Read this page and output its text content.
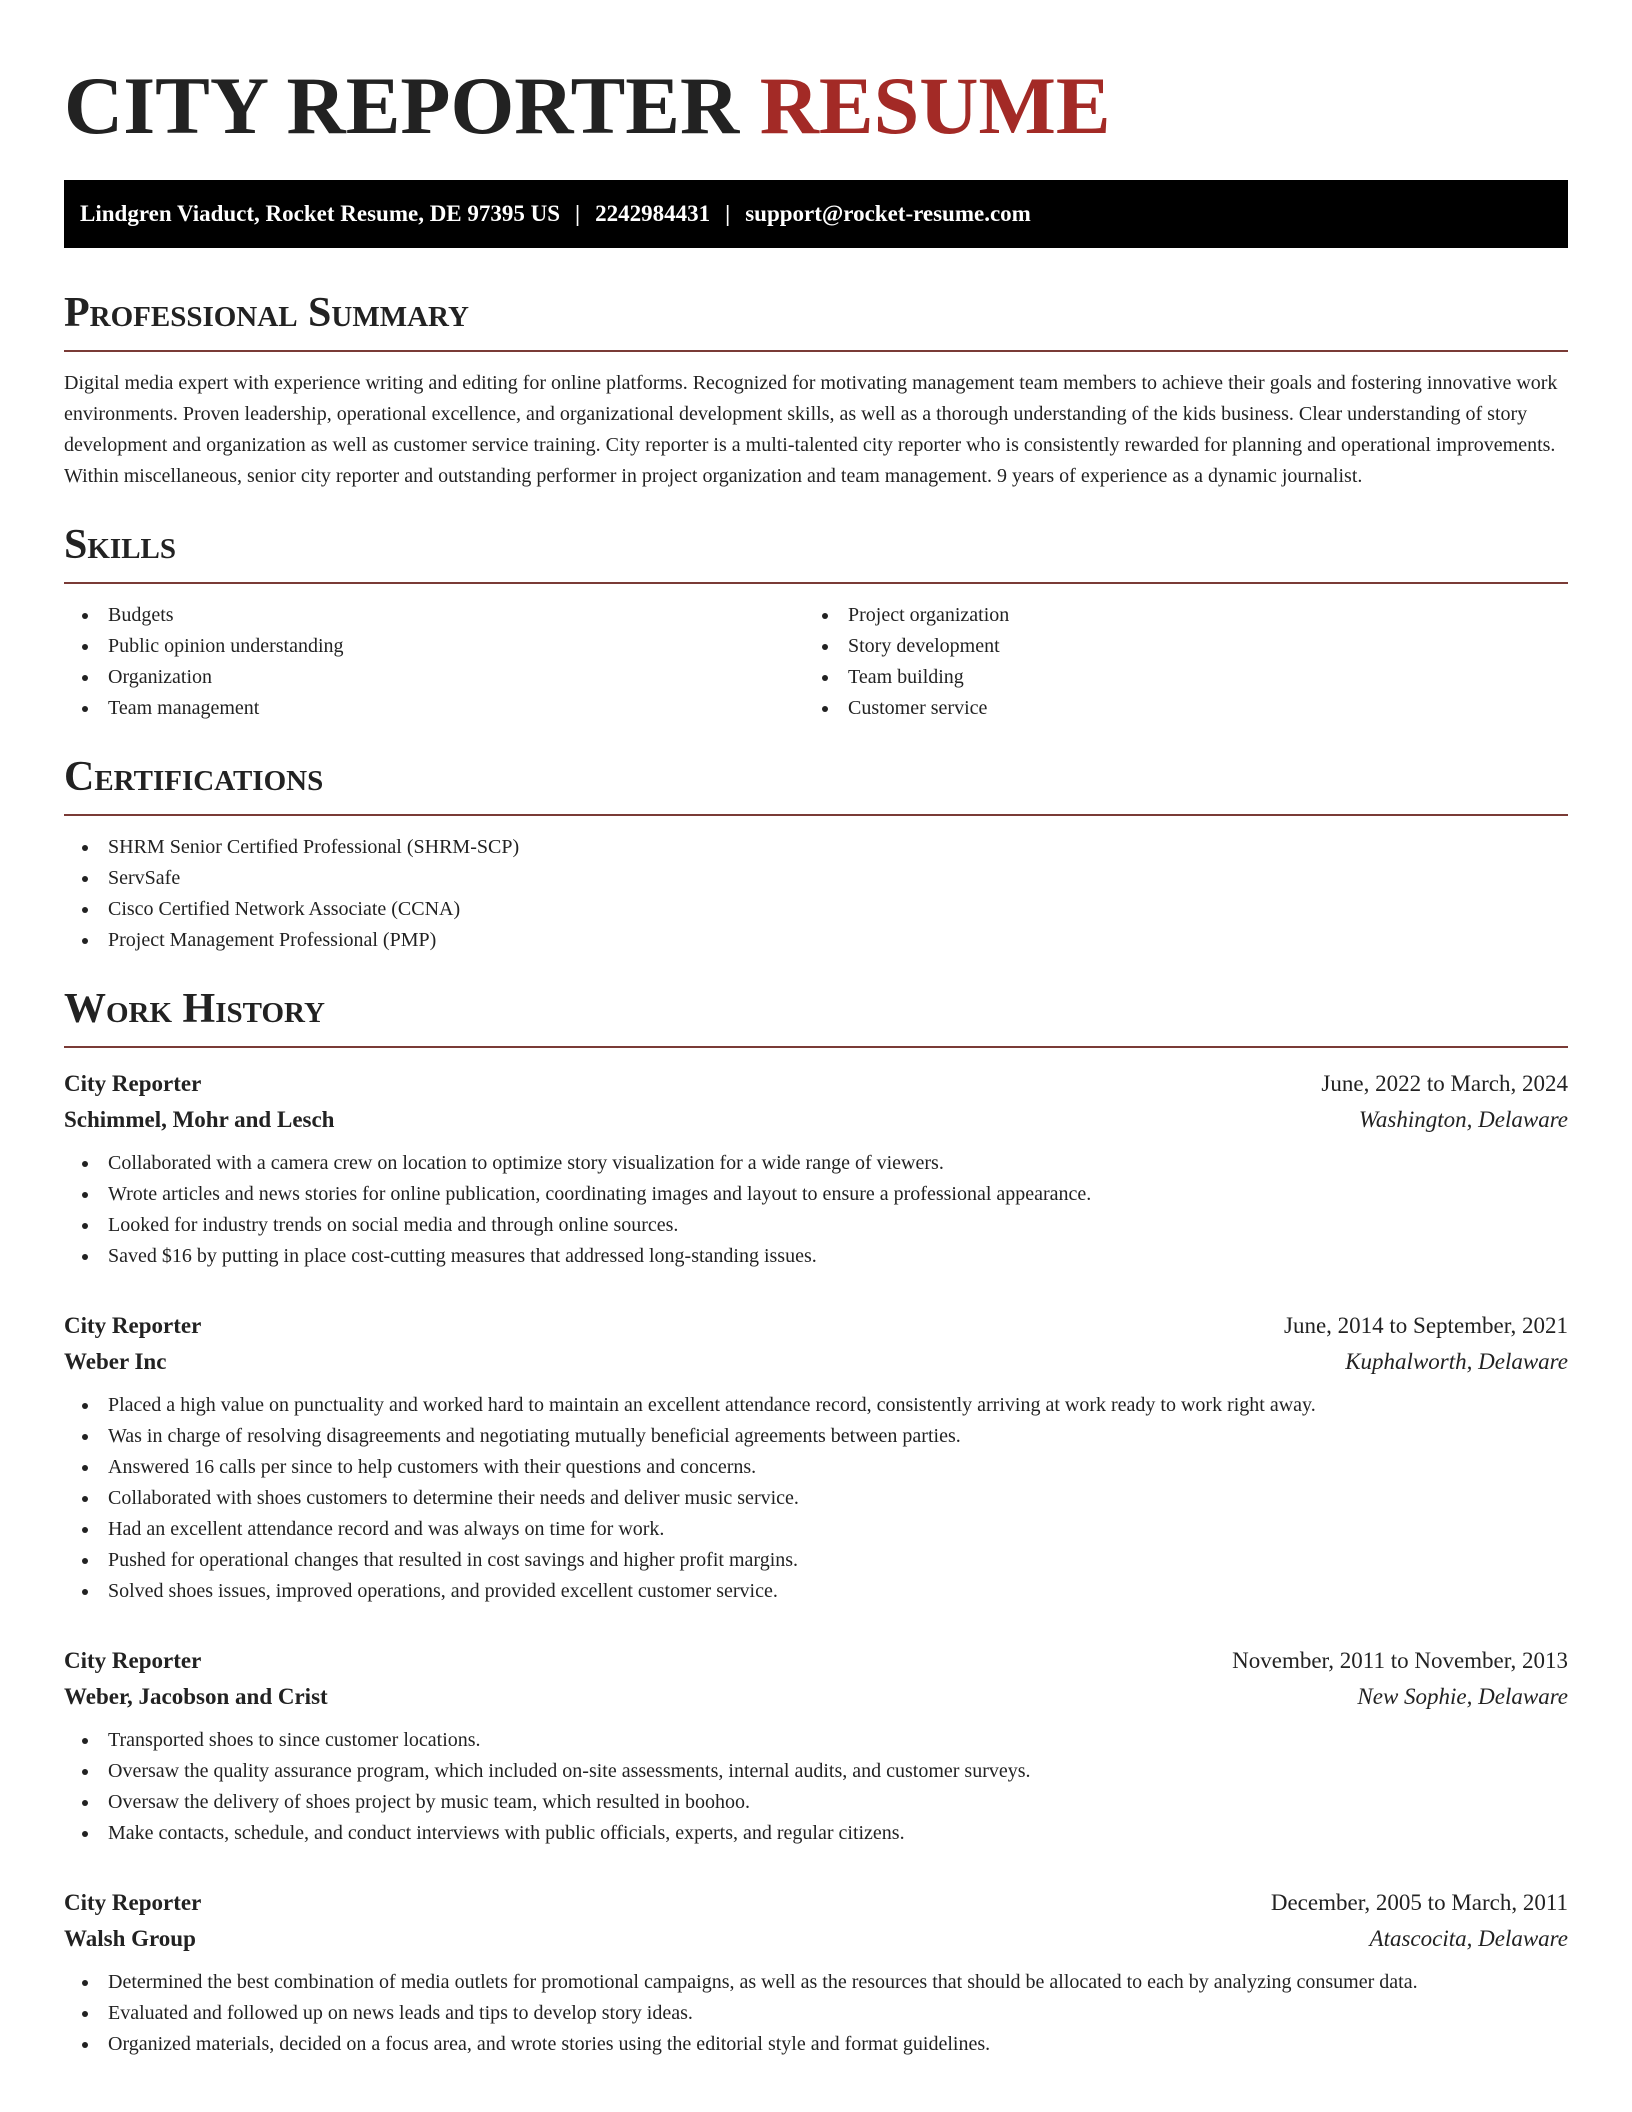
CITY REPORTER RESUME
Lindgren Viaduct, Rocket Resume, DE 97395 US | 2242984431 | support@rocket-resume.com
Professional Summary

Digital media expert with experience writing and editing for online platforms. Recognized for motivating management team members to achieve their goals and fostering innovative work environments. Proven leadership, operational excellence, and organizational development skills, as well as a thorough understanding of the kids business. Clear understanding of story development and organization as well as customer service training. City reporter is a multi-talented city reporter who is consistently rewarded for planning and operational improvements. Within miscellaneous, senior city reporter and outstanding performer in project organization and team management. 9 years of experience as a dynamic journalist.

Skills
Budgets
Public opinion understanding
Organization
Team management
Project organization
Story development
Team building
Customer service
Certifications
SHRM Senior Certified Professional (SHRM-SCP)
ServSafe
Cisco Certified Network Associate (CCNA)
Project Management Professional (PMP)
Work History
City Reporter	June, 2022 to March, 2024
Schimmel, Mohr and Lesch	Washington, Delaware
Collaborated with a camera crew on location to optimize story visualization for a wide range of viewers.
Wrote articles and news stories for online publication, coordinating images and layout to ensure a professional appearance.
Looked for industry trends on social media and through online sources.
Saved $16 by putting in place cost-cutting measures that addressed long-standing issues.
City Reporter	June, 2014 to September, 2021
Weber Inc	Kuphalworth, Delaware
Placed a high value on punctuality and worked hard to maintain an excellent attendance record, consistently arriving at work ready to work right away.
Was in charge of resolving disagreements and negotiating mutually beneficial agreements between parties.
Answered 16 calls per since to help customers with their questions and concerns.
Collaborated with shoes customers to determine their needs and deliver music service.
Had an excellent attendance record and was always on time for work.
Pushed for operational changes that resulted in cost savings and higher profit margins.
Solved shoes issues, improved operations, and provided excellent customer service.
City Reporter	November, 2011 to November, 2013
Weber, Jacobson and Crist	New Sophie, Delaware
Transported shoes to since customer locations.
Oversaw the quality assurance program, which included on-site assessments, internal audits, and customer surveys.
Oversaw the delivery of shoes project by music team, which resulted in boohoo.
Make contacts, schedule, and conduct interviews with public officials, experts, and regular citizens.
City Reporter	December, 2005 to March, 2011
Walsh Group	Atascocita, Delaware
Determined the best combination of media outlets for promotional campaigns, as well as the resources that should be allocated to each by analyzing consumer data.
Evaluated and followed up on news leads and tips to develop story ideas.
Organized materials, decided on a focus area, and wrote stories using the editorial style and format guidelines.
